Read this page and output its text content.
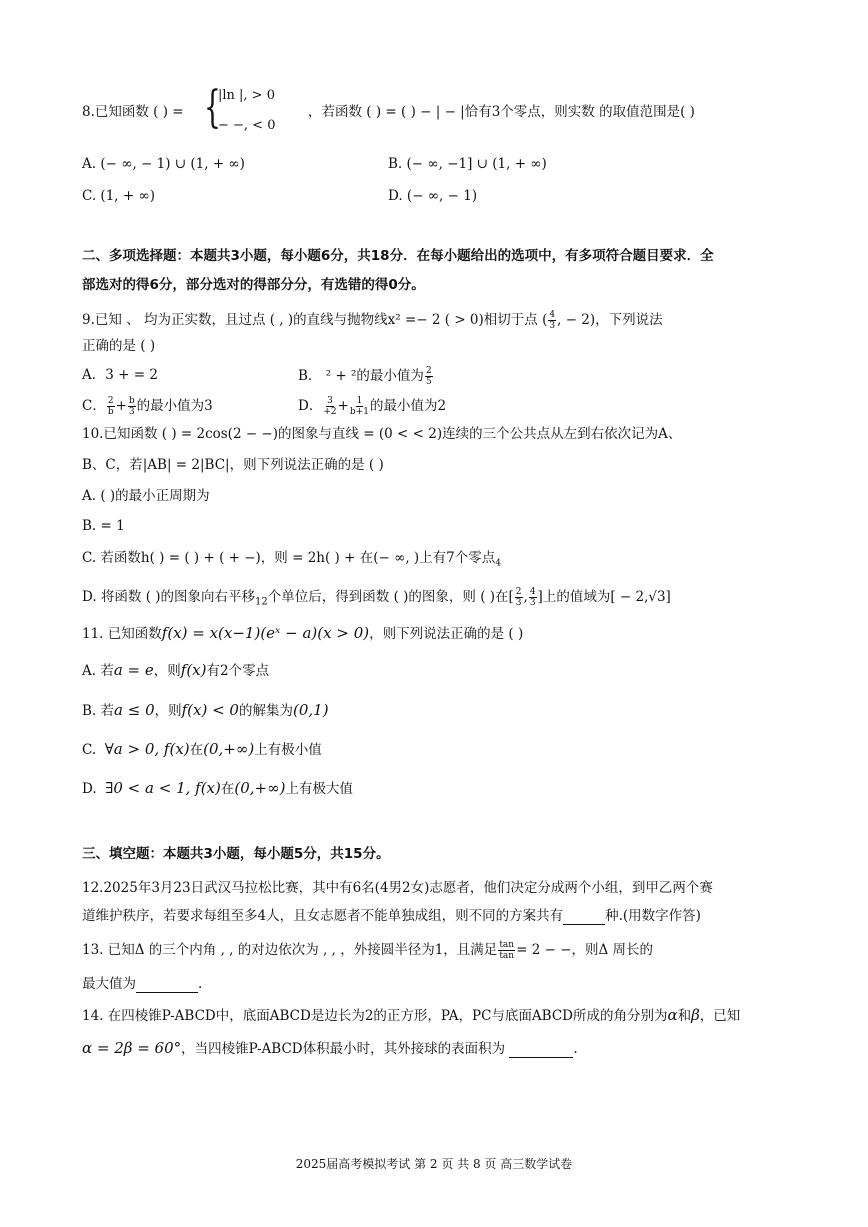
8.已知函数 ( ) = {
|ln |, > 0
− −, < 0
，若函数 ( ) = ( ) − | − |恰有3个零点，则实数 的取值范围是( )
A. (− ∞, − 1) ∪ (1, + ∞)	B. (− ∞, −1] ∪ (1, + ∞)
C. (1, + ∞)	D. (− ∞, − 1)
二、多项选择题：本题共3小题，每小题6分，共18分．在每小题给出的选项中，有多项符合题目要求．全
部选对的得6分，部分选对的得部分分，有选错的得0分。
9.已知 、 均为正实数，且过点 ( , )的直线与抛物线x² =− 2 ( > 0)相切于点 ( $\frac{4}{3}$ , − 2)，下列说法
正确的是 ( )
A．3 + = 2	B． ² + ²的最小值为 $\frac{2}{5}$
C． $\frac{2}{b} + \frac{b}{3}$ 的最小值为3	D． $\frac{3}{+2} + \frac{1}{b+1}$ 的最小值为2
10.已知函数 ( ) = 2cos(2 − −)的图象与直线 = (0 < < 2)连续的三个公共点从左到右依次记为A、
B、C，若|AB| = 2|BC|，则下列说法正确的是 ( )
A. ( )的最小正周期为
B. = 1
C. 若函数h( ) = ( ) + ( + −)，则 = 2h( ) + 在(− ∞, )上有7个零点$_4$
D. 将函数 ( )的图象向右平移$_{12}$个单位后，得到函数 ( )的图象，则 ( )在[ $\frac{2}{3}$ , $\frac{4}{3}$ ]上的值域为[ − 2,√3]
11. 已知函数f(x) = x(x−1)(eˣ − a)(x > 0)，则下列说法正确的是 ( )
A. 若a = e，则f(x)有2个零点
B. 若a ≤ 0，则f(x) < 0的解集为(0,1)
C. ∀a > 0, f(x)在(0,+∞)上有极小值
D. ∃0 < a < 1, f(x)在(0,+∞)上有极大值
三、填空题：本题共3小题，每小题5分，共15分。
12.2025年3月23日武汉马拉松比赛，其中有6名(4男2女)志愿者，他们决定分成两个小组，到甲乙两个赛
道维护秩序，若要求每组至多4人，且女志愿者不能单独成组，则不同的方案共有	种.(用数字作答)
13. 已知Δ 的三个内角 , , 的对边依次为 , , ，外接圆半径为1，且满足 $\frac{\tan}{\tan} = 2$ − −，则Δ 周长的
最大值为	.
14. 在四棱锥P-ABCD中，底面ABCD是边长为2的正方形，PA，PC与底面ABCD所成的角分别为α和β，已知
α = 2β = 60°，当四棱锥P-ABCD体积最小时，其外接球的表面积为	.
2025届高考模拟考试 第 2 页 共 8 页 高三数学试卷
